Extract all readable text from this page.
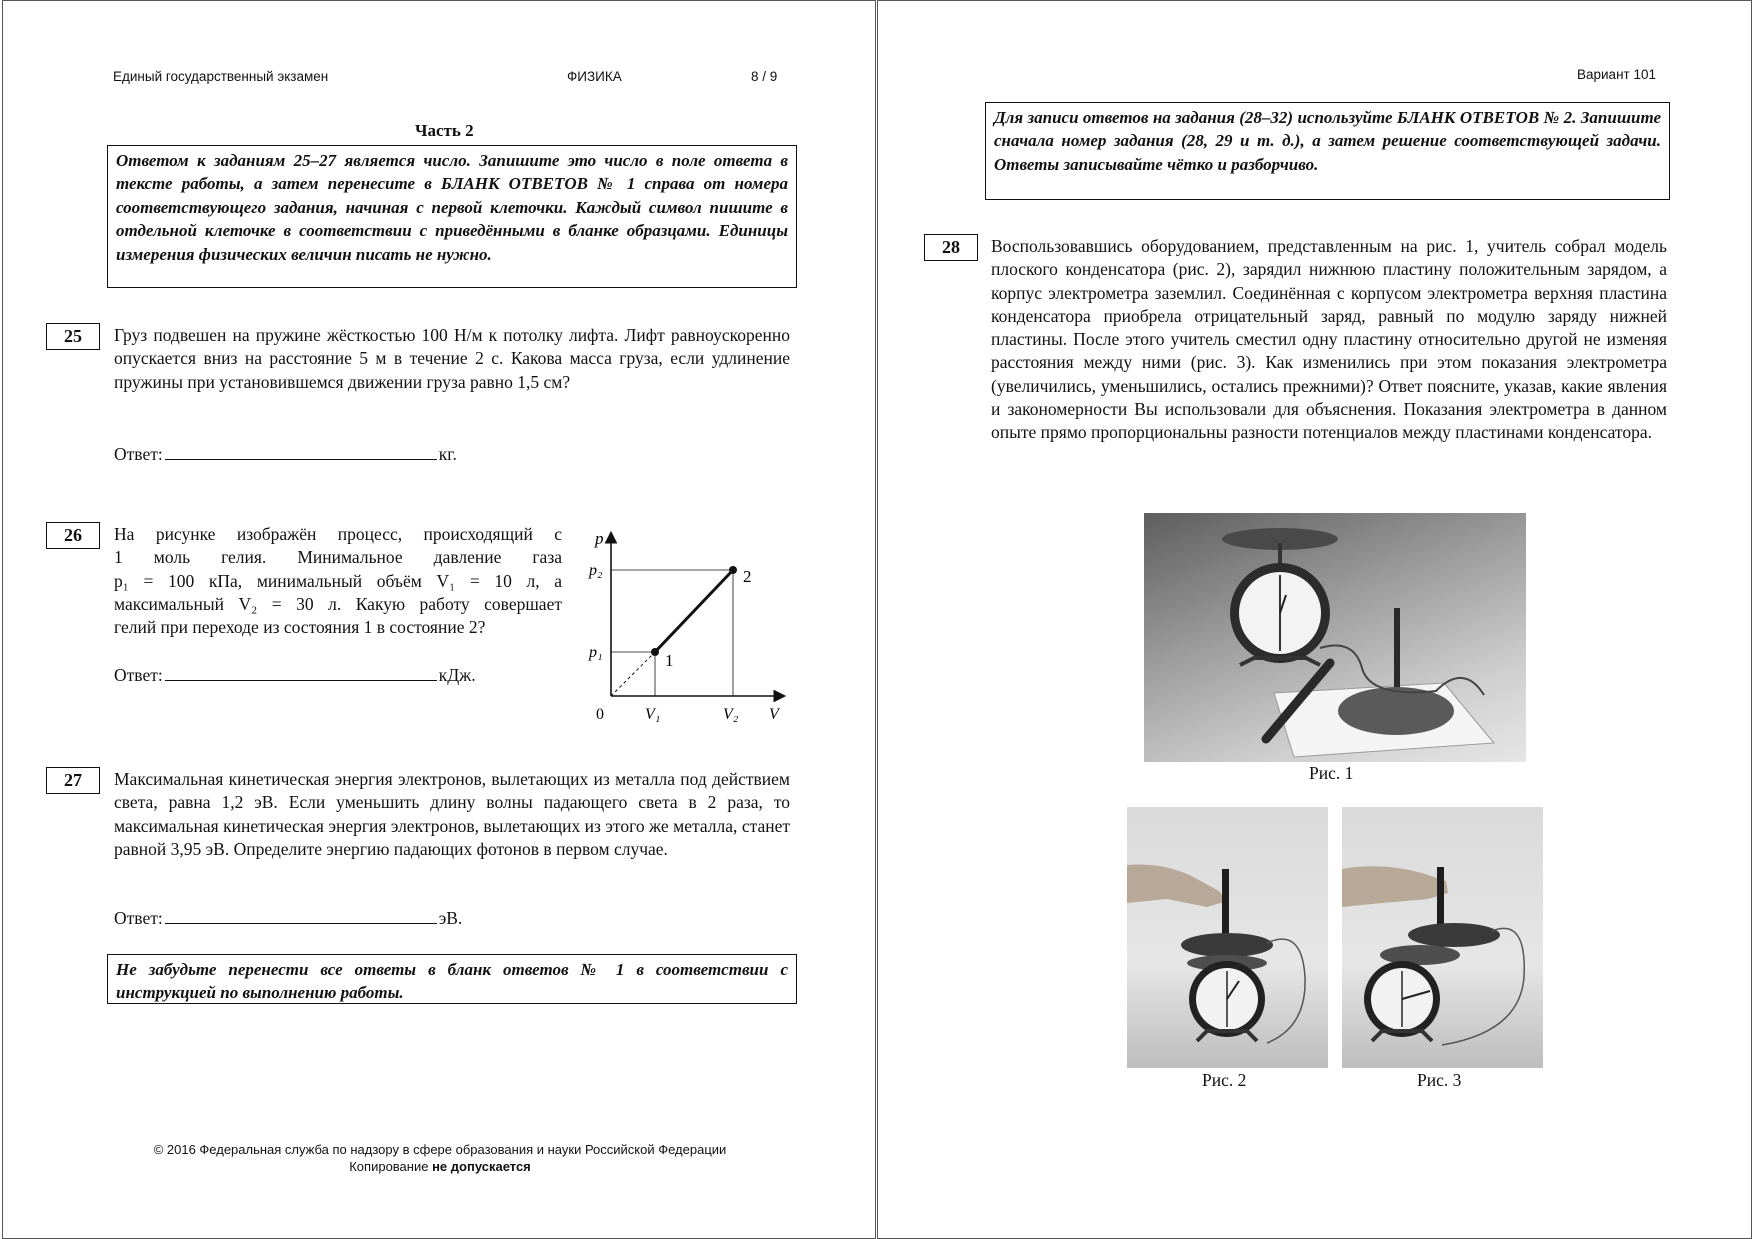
Единый государственный экзамен	ФИЗИКА	8 / 9
Часть 2
Ответом к заданиям 25–27 является число. Запишите это число в поле ответа в тексте работы, а затем перенесите в БЛАНК ОТВЕТОВ № 1 справа от номера соответствующего задания, начиная с первой клеточки. Каждый символ пишите в отдельной клеточке в соответствии с приведёнными в бланке образцами. Единицы измерения физических величин писать не нужно.
25	Груз подвешен на пружине жёсткостью 100 Н/м к потолку лифта. Лифт равноускоренно опускается вниз на расстояние 5 м в течение 2 с. Какова масса груза, если удлинение пружины при установившемся движении груза равно 1,5 см?
Ответ:	кг.
26	На рисунке изображён процесс, происходящий с
1 моль гелия. Минимальное давление газа
p₁ = 100 кПа, минимальный объём V₁ = 10 л, а
максимальный V₂ = 30 л. Какую работу совершает
гелий при переходе из состояния 1 в состояние 2?
Ответ:	кДж.
p
p₂
p₁	1
2
0	V₁	V₂ V
27	Максимальная кинетическая энергия электронов, вылетающих из металла под действием света, равна 1,2 эВ. Если уменьшить длину волны падающего света в 2 раза, то максимальная кинетическая энергия электронов, вылетающих из этого же металла, станет равной 3,95 эВ. Определите энергию падающих фотонов в первом случае.
Ответ:	эВ.
Не забудьте перенести все ответы в бланк ответов № 1 в соответствии с инструкцией по выполнению работы.
© 2016 Федеральная служба по надзору в сфере образования и науки Российской Федерации
Копирование не допускается
Вариант 101
Для записи ответов на задания (28–32) используйте БЛАНК ОТВЕТОВ № 2. Запишите сначала номер задания (28, 29 и т. д.), а затем решение соответствующей задачи. Ответы записывайте чётко и разборчиво.
28	Воспользовавшись оборудованием, представленным на рис. 1, учитель собрал модель плоского конденсатора (рис. 2), зарядил нижнюю пластину положительным зарядом, а корпус электрометра заземлил. Соединённая с корпусом электрометра верхняя пластина конденсатора приобрела отрицательный заряд, равный по модулю заряду нижней пластины. После этого учитель сместил одну пластину относительно другой не изменяя расстояния между ними (рис. 3). Как изменились при этом показания электрометра (увеличились, уменьшились, остались прежними)? Ответ поясните, указав, какие явления и закономерности Вы использовали для объяснения. Показания электрометра в данном опыте прямо пропорциональны разности потенциалов между пластинами конденсатора.
Рис. 1
Рис. 2	Рис. 3
